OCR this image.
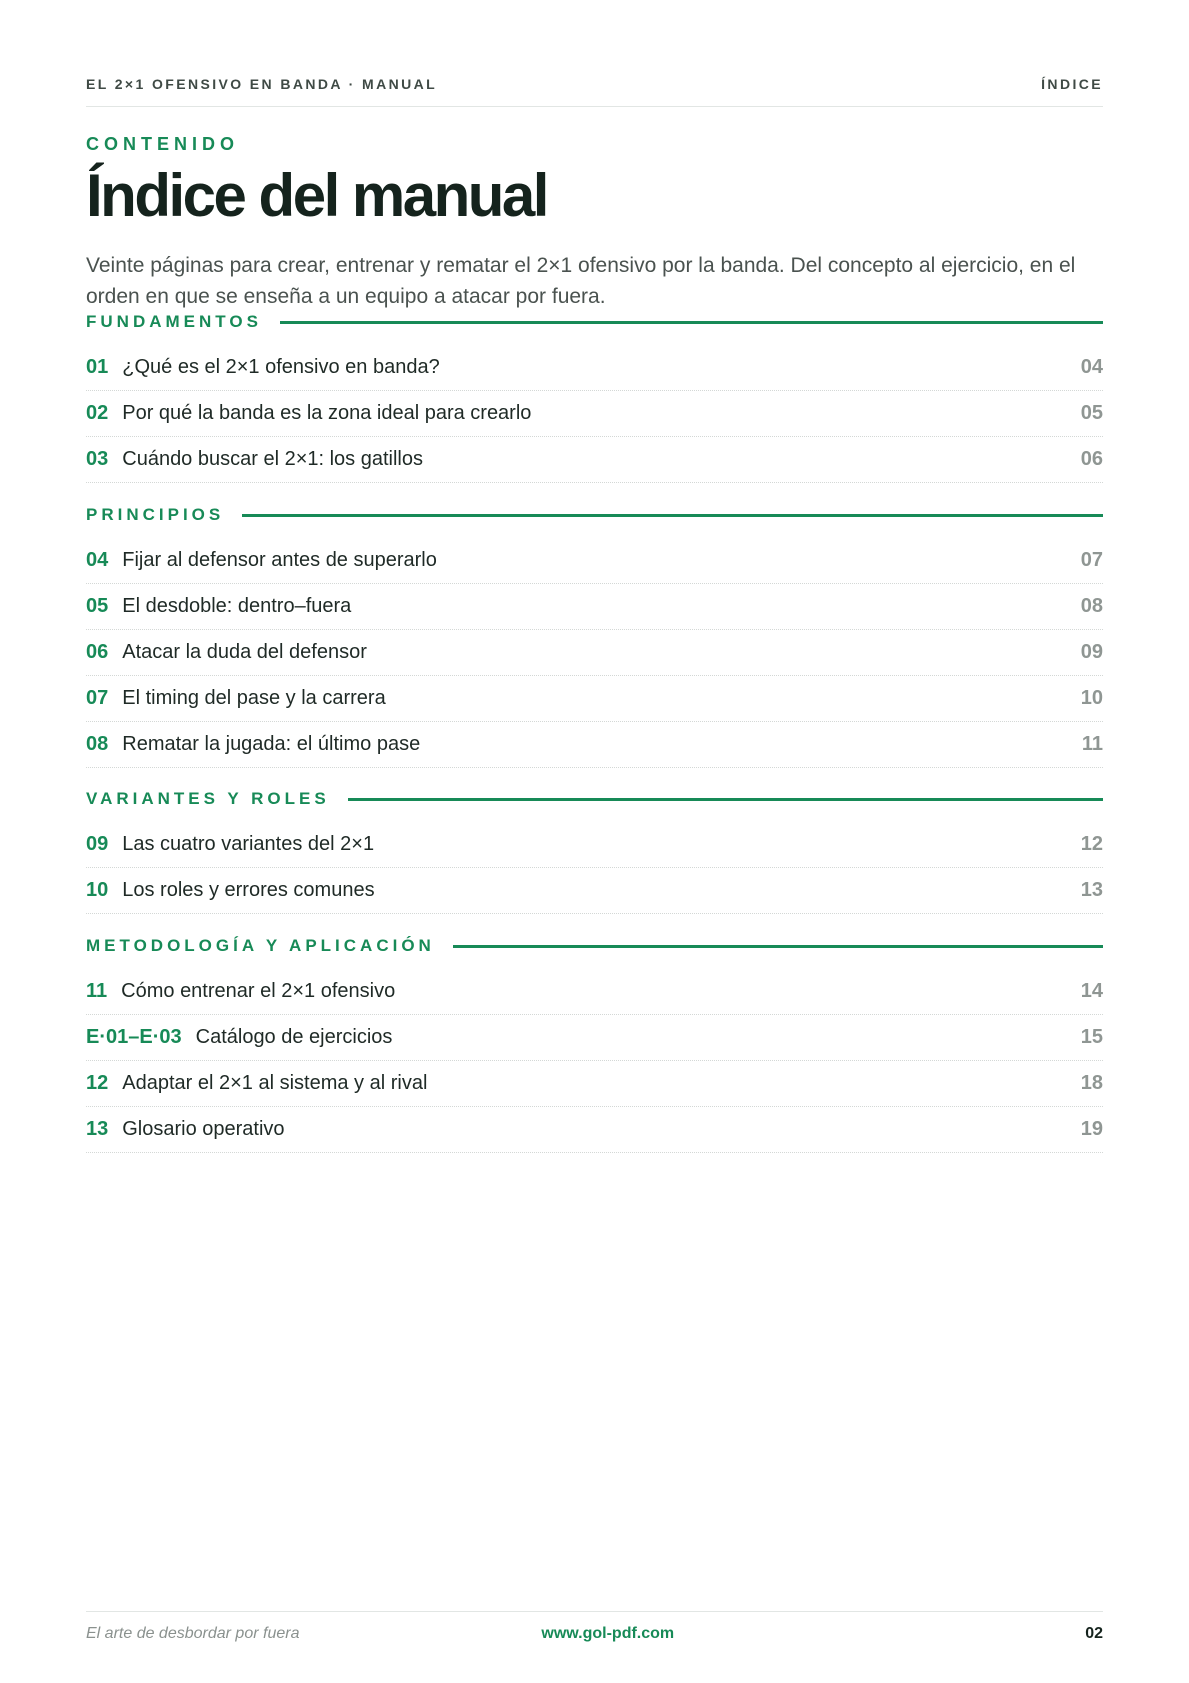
EL 2×1 OFENSIVO EN BANDA · MANUAL	ÍNDICE
CONTENIDO
Índice del manual

Veinte páginas para crear, entrenar y rematar el 2×1 ofensivo por la banda. Del concepto al ejercicio, en el orden en que se enseña a un equipo a atacar por fuera.

FUNDAMENTOS
01 ¿Qué es el 2×1 ofensivo en banda?	04
02 Por qué la banda es la zona ideal para crearlo	05
03 Cuándo buscar el 2×1: los gatillos	06
PRINCIPIOS
04 Fijar al defensor antes de superarlo	07
05 El desdoble: dentro–fuera	08
06 Atacar la duda del defensor	09
07 El timing del pase y la carrera	10
08 Rematar la jugada: el último pase	11
VARIANTES Y ROLES
09 Las cuatro variantes del 2×1	12
10 Los roles y errores comunes	13
METODOLOGÍA Y APLICACIÓN
11 Cómo entrenar el 2×1 ofensivo	14
E·01–E·03 Catálogo de ejercicios	15
12 Adaptar el 2×1 al sistema y al rival	18
13 Glosario operativo	19
El arte de desbordar por fuera	www.gol-pdf.com	02
